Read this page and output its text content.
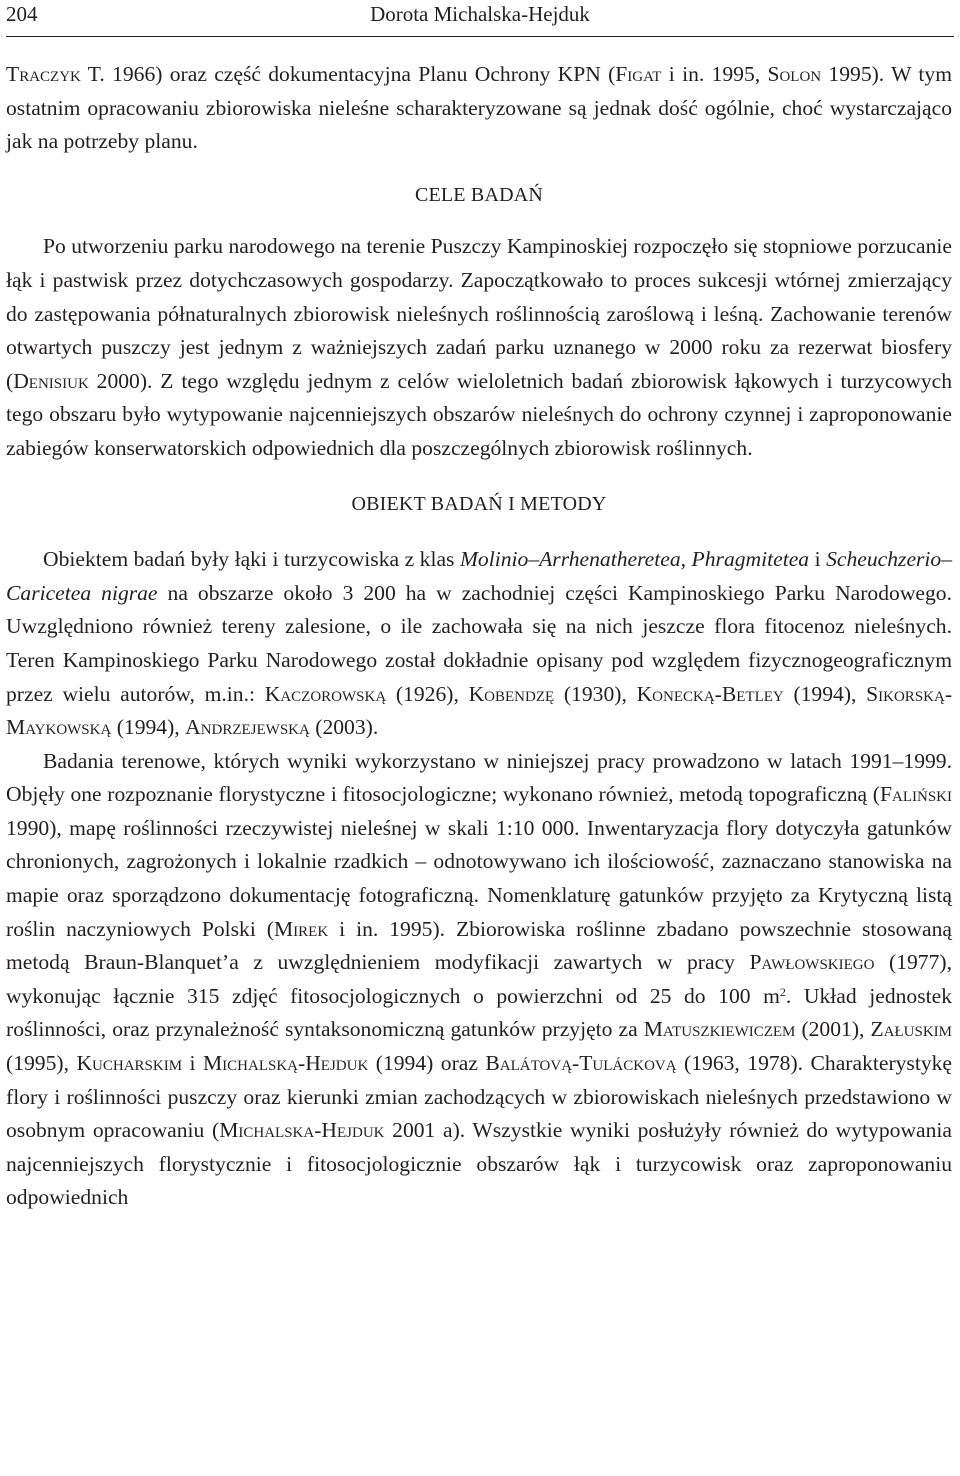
204	Dorota Michalska-Hejduk

Traczyk T. 1966) oraz część dokumentacyjna Planu Ochrony KPN (Figat i in. 1995, Solon 1995). W tym ostatnim opracowaniu zbiorowiska nieleśne scharakteryzowane są jednak dość ogólnie, choć wystarczająco jak na potrzeby planu.

CELE BADAŃ

Po utworzeniu parku narodowego na terenie Puszczy Kampinoskiej rozpoczęło się stopniowe porzucanie łąk i pastwisk przez dotychczasowych gospodarzy. Zapoczątkowało to proces sukcesji wtórnej zmierzający do zastępowania półnaturalnych zbiorowisk nieleśnych roślinnością zaroślową i leśną. Zachowanie terenów otwartych puszczy jest jednym z ważniejszych zadań parku uznanego w 2000 roku za rezerwat biosfery (Denisiuk 2000). Z tego względu jednym z celów wieloletnich badań zbiorowisk łąkowych i turzycowych tego obszaru było wytypowanie najcenniejszych obszarów nieleśnych do ochrony czynnej i zaproponowanie zabiegów konserwatorskich odpowiednich dla poszczególnych zbiorowisk roślinnych.

OBIEKT BADAŃ I METODY

Obiektem badań były łąki i turzycowiska z klas Molinio–Arrhenatheretea, Phragmitetea i Scheuchzerio–Caricetea nigrae na obszarze około 3 200 ha w zachodniej części Kampinoskiego Parku Narodowego. Uwzględniono również tereny zalesione, o ile zachowała się na nich jeszcze flora fitocenoz nieleśnych. Teren Kampinoskiego Parku Narodowego został dokładnie opisany pod względem fizycznogeograficznym przez wielu autorów, m.in.: Kaczorowską (1926), Kobendzę (1930), Konecką-Betley (1994), Sikorską-Maykowską (1994), Andrzejewską (2003).

Badania terenowe, których wyniki wykorzystano w niniejszej pracy prowadzono w latach 1991–1999. Objęły one rozpoznanie florystyczne i fitosocjologiczne; wykonano również, metodą topograficzną (Faliński 1990), mapę roślinności rzeczywistej nieleśnej w skali 1:10 000. Inwentaryzacja flory dotyczyła gatunków chronionych, zagrożonych i lokalnie rzadkich – odnotowywano ich ilościowość, zaznaczano stanowiska na mapie oraz sporządzono dokumentację fotograficzną. Nomenklaturę gatunków przyjęto za Krytyczną listą roślin naczyniowych Polski (Mirek i in. 1995). Zbiorowiska roślinne zbadano powszechnie stosowaną metodą Braun-Blanquet’a z uwzględnieniem modyfikacji zawartych w pracy Pawłowskiego (1977), wykonując łącznie 315 zdjęć fitosocjologicznych o powierzchni od 25 do 100 $m^2$. Układ jednostek roślinności, oraz przynależność syntaksonomiczną gatunków przyjęto za Matuszkiewiczem (2001), Załuskim (1995), Kucharskim i Michalską-Hejduk (1994) oraz Balátovą-Tuláckovą (1963, 1978). Charakterystykę flory i roślinności puszczy oraz kierunki zmian zachodzących w zbiorowiskach nieleśnych przedstawiono w osobnym opracowaniu (Michalska-Hejduk 2001 a). Wszystkie wyniki posłużyły również do wytypowania najcenniejszych florystycznie i fitosocjologicznie obszarów łąk i turzycowisk oraz zaproponowaniu odpowiednich
